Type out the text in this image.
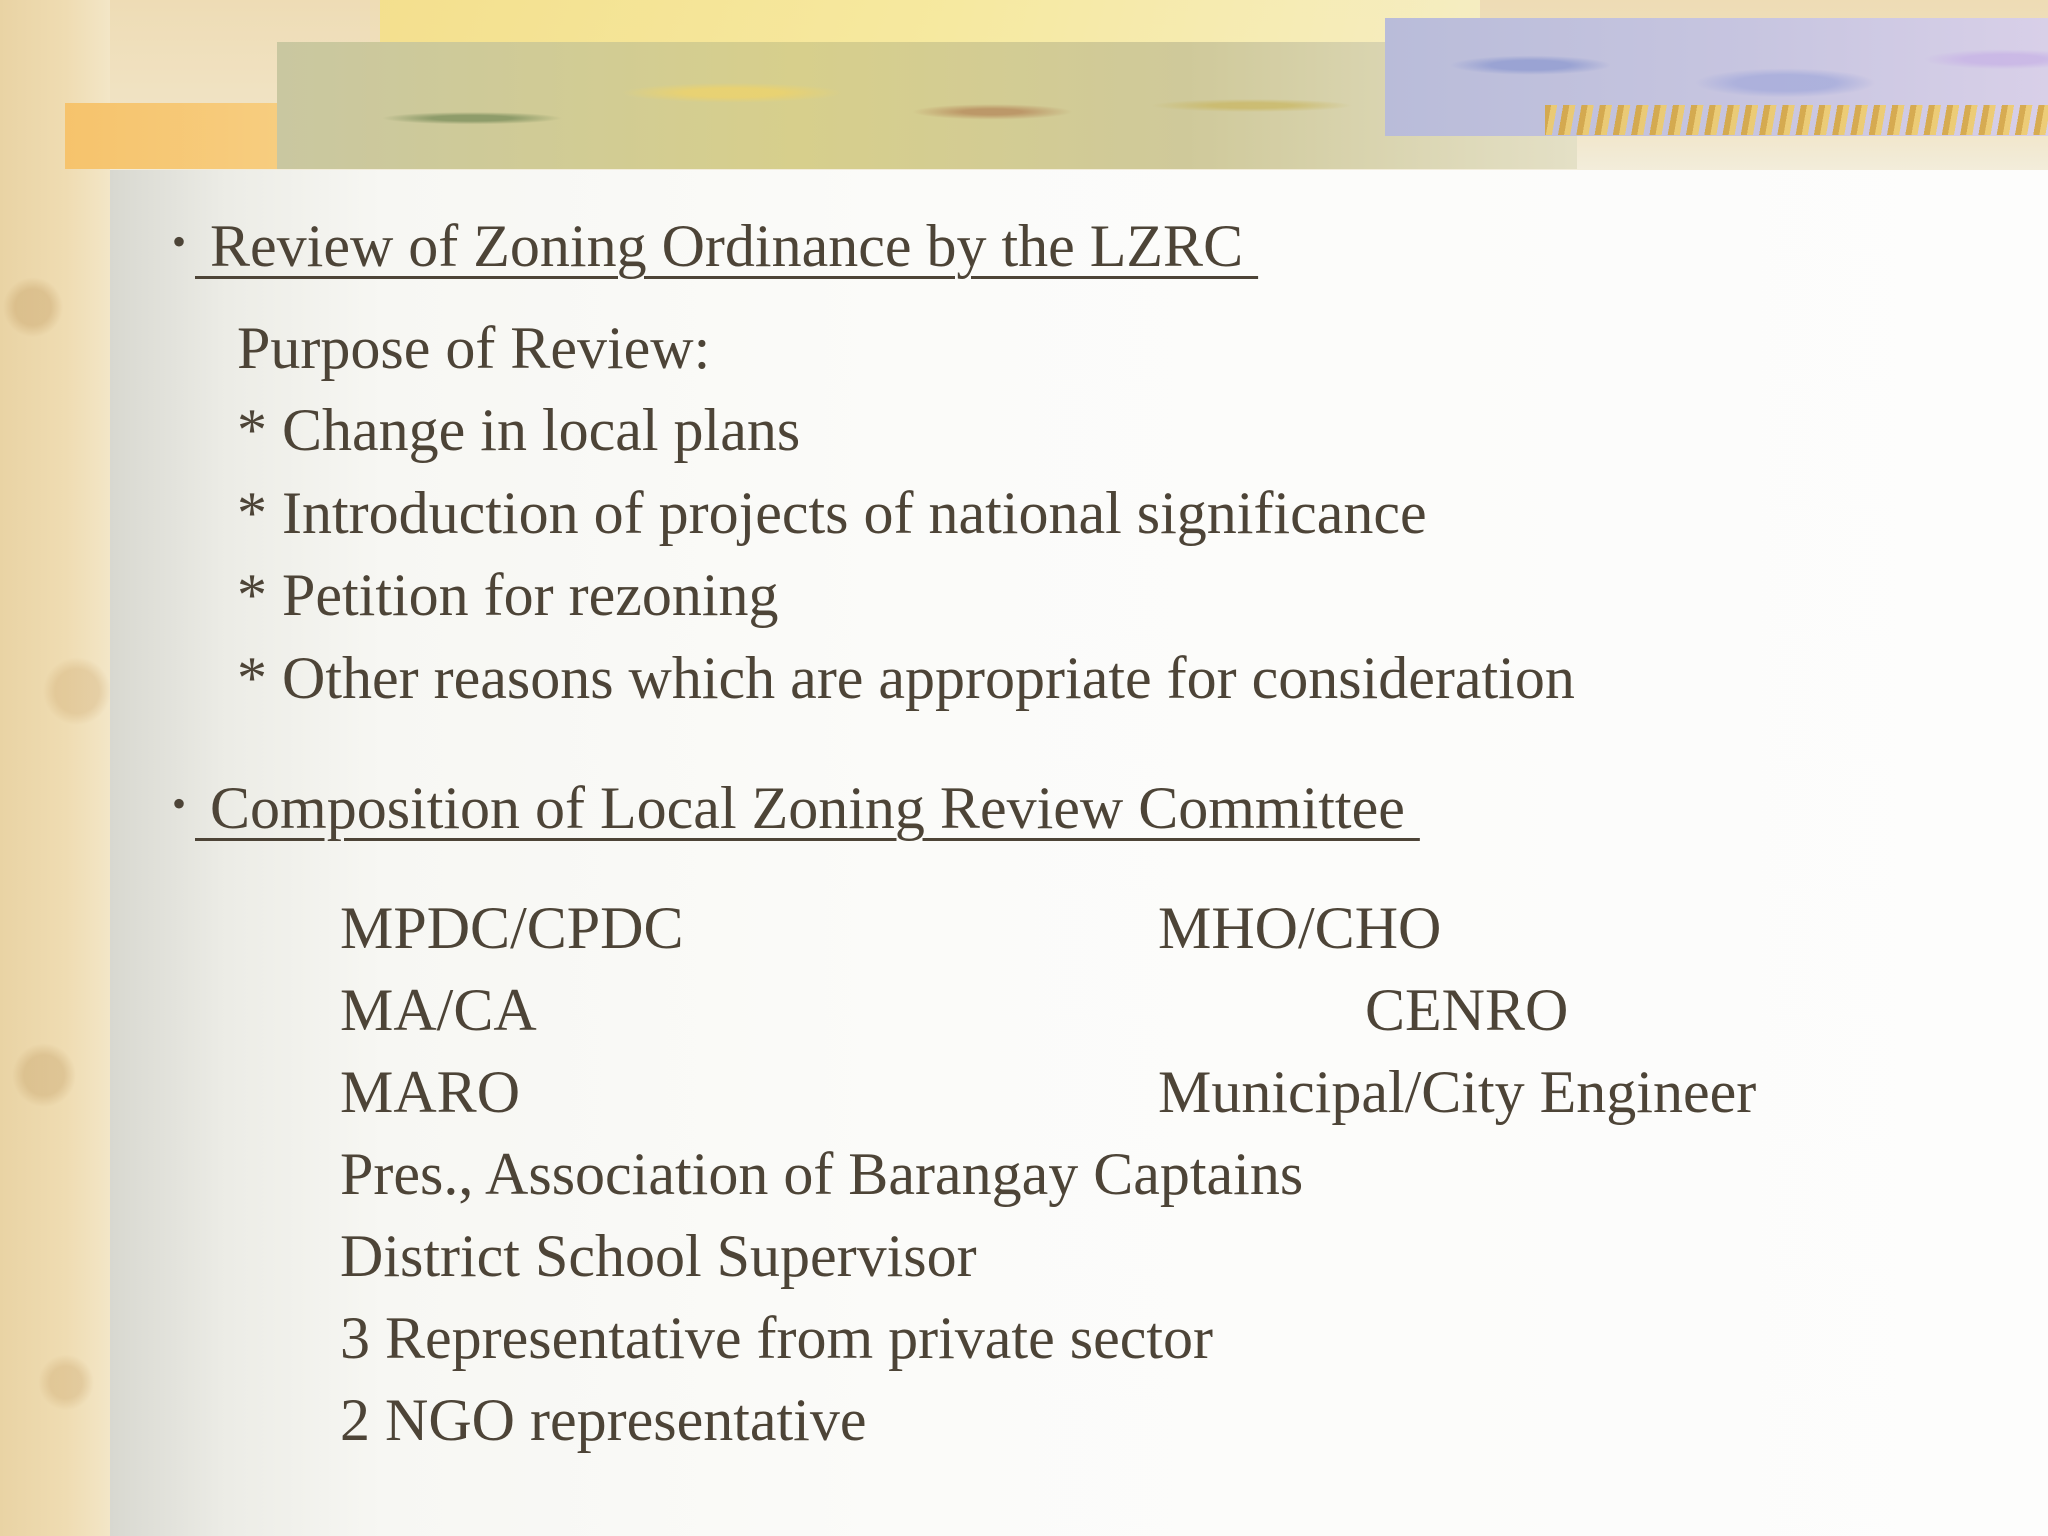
• Review of Zoning Ordinance by the LZRC
Purpose of Review:
* Change in local plans
* Introduction of projects of national significance
* Petition for rezoning
* Other reasons which are appropriate for consideration
• Composition of Local Zoning Review Committee
MPDC/CPDC	MHO/CHO
MA/CA	CENRO
MARO	Municipal/City Engineer
Pres., Association of Barangay Captains
District School Supervisor
3 Representative from private sector
2 NGO representative
